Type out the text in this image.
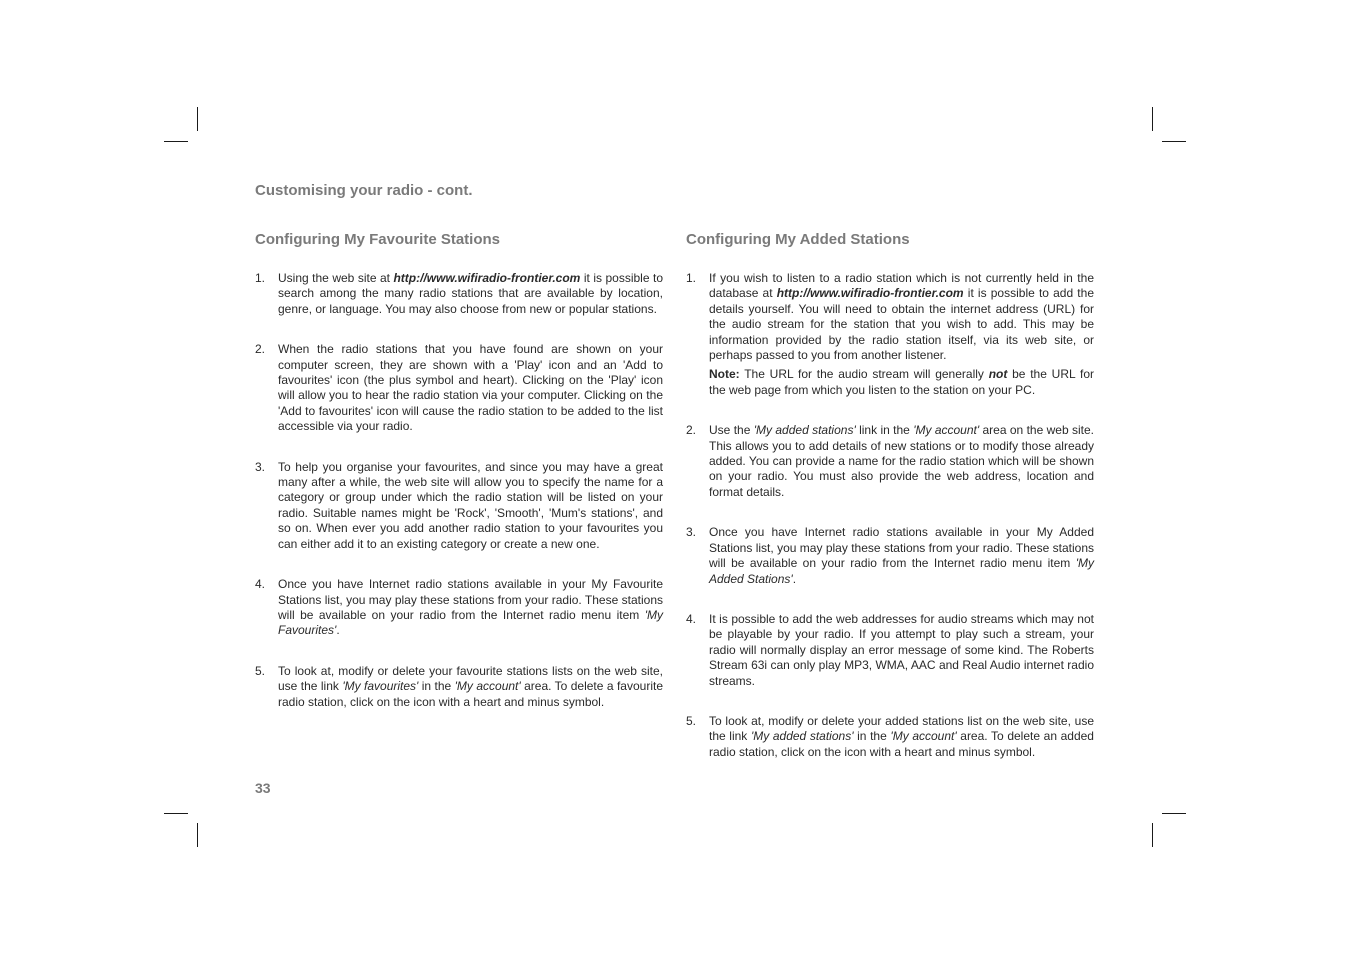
Customising your radio - cont.
Configuring My Favourite Stations
1. Using the web site at http://www.wifiradio-frontier.com it is possible to search among the many radio stations that are available by location, genre, or language. You may also choose from new or popular stations.

2. When the radio stations that you have found are shown on your computer screen, they are shown with a 'Play' icon and an 'Add to favourites' icon (the plus symbol and heart). Clicking on the 'Play' icon will allow you to hear the radio station via your computer. Clicking on the 'Add to favourites' icon will cause the radio station to be added to the list accessible via your radio.

3. To help you organise your favourites, and since you may have a great many after a while, the web site will allow you to specify the name for a category or group under which the radio station will be listed on your radio. Suitable names might be 'Rock', 'Smooth', 'Mum's stations', and so on. When ever you add another radio station to your favourites you can either add it to an existing category or create a new one.

4. Once you have Internet radio stations available in your My Favourite Stations list, you may play these stations from your radio. These stations will be available on your radio from the Internet radio menu item 'My Favourites'.

5. To look at, modify or delete your favourite stations lists on the web site, use the link 'My favourites' in the 'My account' area. To delete a favourite radio station, click on the icon with a heart and minus symbol.

Configuring My Added Stations
1. If you wish to listen to a radio station which is not currently held in the database at http://www.wifiradio-frontier.com it is possible to add the details yourself. You will need to obtain the internet address (URL) for the audio stream for the station that you wish to add. This may be information provided by the radio station itself, via its web site, or perhaps passed to you from another listener.

Note: The URL for the audio stream will generally not be the URL for the web page from which you listen to the station on your PC.

2. Use the 'My added stations' link in the 'My account' area on the web site. This allows you to add details of new stations or to modify those already added. You can provide a name for the radio station which will be shown on your radio. You must also provide the web address, location and format details.

3. Once you have Internet radio stations available in your My Added Stations list, you may play these stations from your radio. These stations will be available on your radio from the Internet radio menu item 'My Added Stations'.

4. It is possible to add the web addresses for audio streams which may not be playable by your radio. If you attempt to play such a stream, your radio will normally display an error message of some kind. The Roberts Stream 63i can only play MP3, WMA, AAC and Real Audio internet radio streams.

5. To look at, modify or delete your added stations list on the web site, use the link 'My added stations' in the 'My account' area. To delete an added radio station, click on the icon with a heart and minus symbol.

33
